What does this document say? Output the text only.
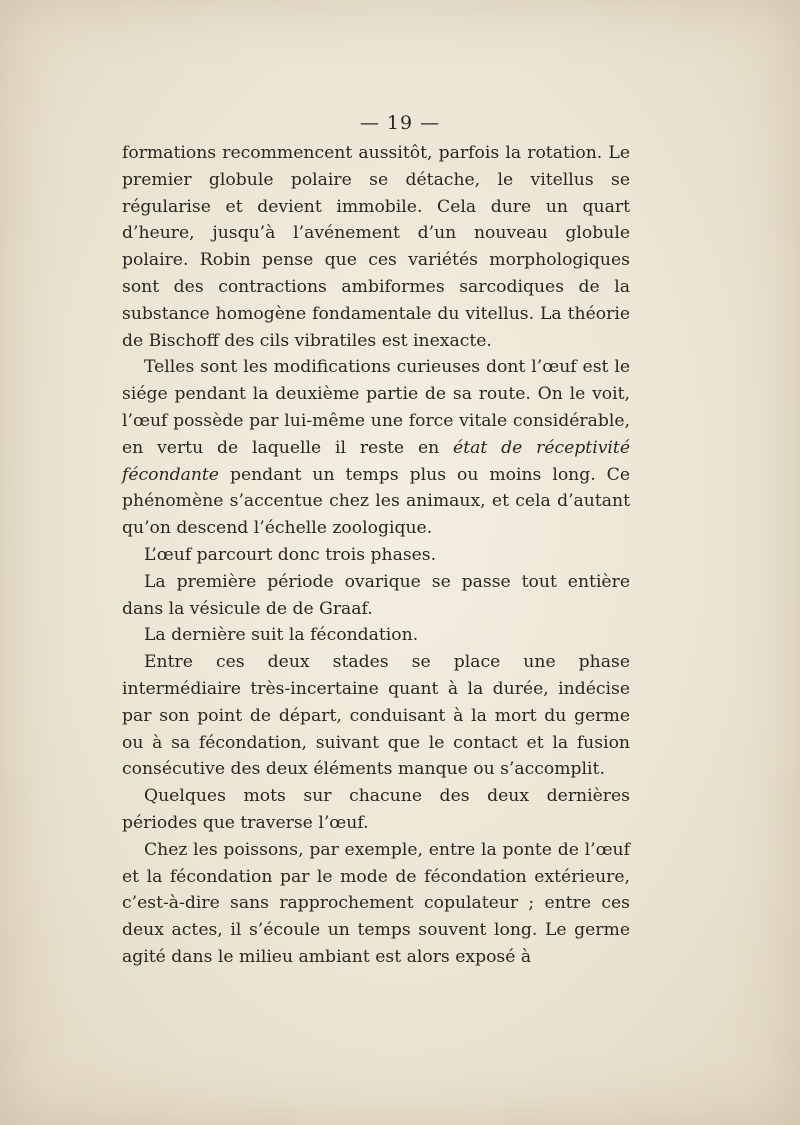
— 19 —

formations recommencent aussitôt, parfois la rotation. Le premier globule polaire se détache, le vitellus se régularise et devient immobile. Cela dure un quart d’heure, jusqu’à l’avénement d’un nouveau globule polaire. Robin pense que ces variétés morphologiques sont des contractions ambiformes sarcodiques de la substance homogène fondamentale du vitellus. La théorie de Bischoff des cils vibratiles est inexacte.

Telles sont les modifications curieuses dont l’œuf est le siége pendant la deuxième partie de sa route. On le voit, l’œuf possède par lui-même une force vitale considérable, en vertu de laquelle il reste en état de réceptivité fécondante pendant un temps plus ou moins long. Ce phénomène s’accentue chez les animaux, et cela d’autant qu’on descend l’échelle zoologique.

L’œuf parcourt donc trois phases.

La première période ovarique se passe tout entière dans la vésicule de de Graaf.

La dernière suit la fécondation.

Entre ces deux stades se place une phase intermédiaire très-incertaine quant à la durée, indécise par son point de départ, conduisant à la mort du germe ou à sa fécondation, suivant que le contact et la fusion consécutive des deux éléments manque ou s’accomplit.

Quelques mots sur chacune des deux dernières périodes que traverse l’œuf.

Chez les poissons, par exemple, entre la ponte de l’œuf et la fécondation par le mode de fécondation extérieure, c’est-à-dire sans rapprochement copulateur ; entre ces deux actes, il s’écoule un temps souvent long. Le germe agité dans le milieu ambiant est alors exposé à
